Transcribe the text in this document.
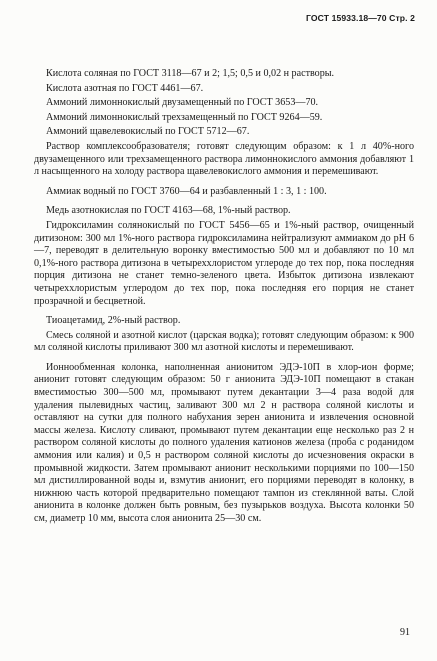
ГОСТ 15933.18—70 Стр. 2

Кислота соляная по ГОСТ 3118—67 и 2; 1,5; 0,5 и 0,02 н растворы.

Кислота азотная по ГОСТ 4461—67.

Аммоний лимоннокислый двузамещенный по ГОСТ 3653—70.

Аммоний лимоннокислый трехзамещенный по ГОСТ 9264—59.

Аммоний щавелевокислый по ГОСТ 5712—67.

Раствор комплексообразователя; готовят следующим образом: к 1 л 40%-ного двузамещенного или трехзамещенного раствора лимоннокислого аммония добавляют 1 л насыщенного на холоду раствора щавелевокислого аммония и перемешивают.

Аммиак водный по ГОСТ 3760—64 и разбавленный 1 : 3, 1 : 100.

Медь азотнокислая по ГОСТ 4163—68, 1%-ный раствор.

Гидроксиламин солянокислый по ГОСТ 5456—65 и 1%-ный раствор, очищенный дитизоном: 300 мл 1%-ного раствора гидроксиламина нейтрализуют аммиаком до pH 6—7, переводят в делительную воронку вместимостью 500 мл и добавляют по 10 мл 0,1%-ного раствора дитизона в четыреххлористом углероде до тех пор, пока последняя порция дитизона не станет темно-зеленого цвета. Избыток дитизона извлекают четыреххлористым углеродом до тех пор, пока последняя его порция не станет прозрачной и бесцветной.

Тиоацетамид, 2%-ный раствор.

Смесь соляной и азотной кислот (царская водка); готовят следующим образом: к 900 мл соляной кислоты приливают 300 мл азотной кислоты и перемешивают.

Ионнообменная колонка, наполненная анионитом ЭДЭ-10П в хлор-ион форме; анионит готовят следующим образом: 50 г анионита ЭДЭ-10П помещают в стакан вместимостью 300—500 мл, промывают путем декантации 3—4 раза водой для удаления пылевидных частиц, заливают 300 мл 2 н раствора соляной кислоты и оставляют на сутки для полного набухания зерен анионита и извлечения основной массы железа. Кислоту сливают, промывают путем декантации еще несколько раз 2 н раствором соляной кислоты до полного удаления катионов железа (проба с роданидом аммония или калия) и 0,5 н раствором соляной кислоты до исчезновения окраски в промывной жидкости. Затем промывают анионит несколькими порциями по 100—150 мл дистиллированной воды и, взмутив анионит, его порциями переводят в колонку, в нижнюю часть которой предварительно помещают тампон из стеклянной ваты. Слой анионита в колонке должен быть ровным, без пузырьков воздуха. Высота колонки 50 см, диаметр 10 мм, высота слоя анионита 25—30 см.

91
